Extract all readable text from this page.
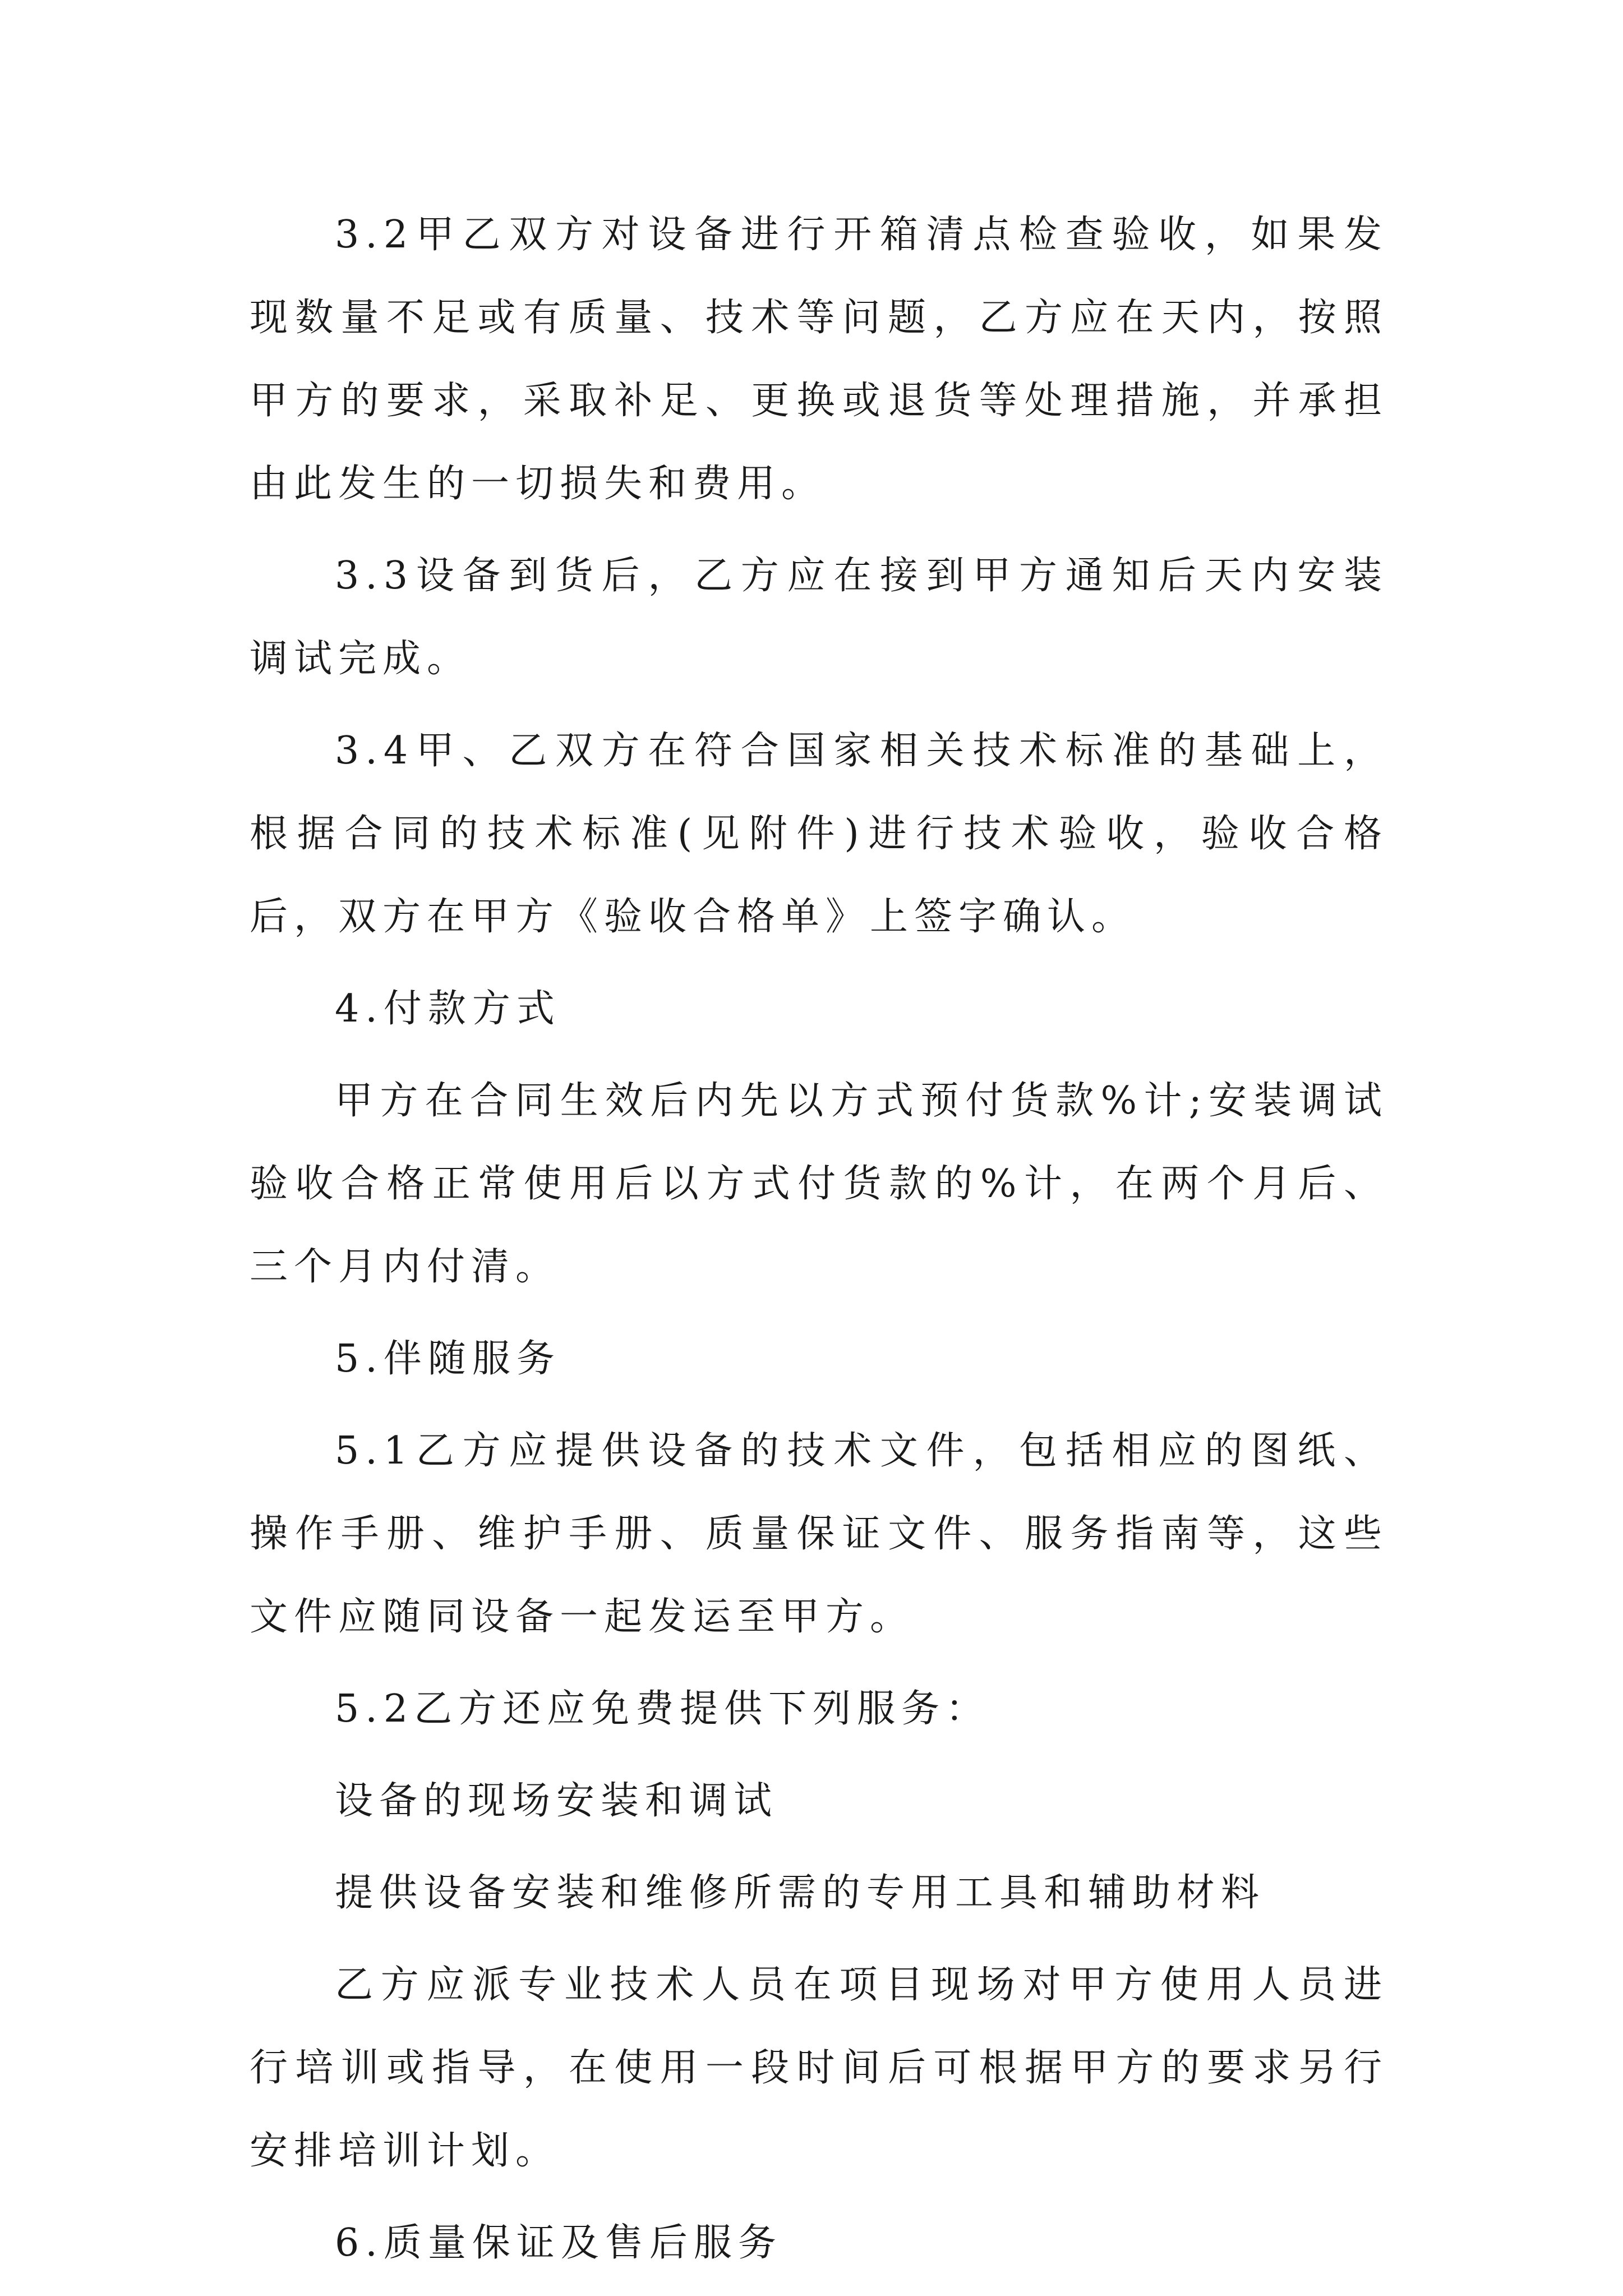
3.2甲乙双方对设备进行开箱清点检查验收，如果发现数量不足或有质量、技术等问题，乙方应在天内，按照甲方的要求，采取补足、更换或退货等处理措施，并承担由此发生的一切损失和费用。

3.3设备到货后，乙方应在接到甲方通知后天内安装调试完成。

3.4甲、乙双方在符合国家相关技术标准的基础上，根据合同的技术标准(见附件)进行技术验收，验收合格后，双方在甲方《验收合格单》上签字确认。

4.付款方式

甲方在合同生效后内先以方式预付货款%计;安装调试验收合格正常使用后以方式付货款的%计，在两个月后、三个月内付清。

5.伴随服务

5.1乙方应提供设备的技术文件，包括相应的图纸、操作手册、维护手册、质量保证文件、服务指南等，这些文件应随同设备一起发运至甲方。

5.2乙方还应免费提供下列服务：

设备的现场安装和调试

提供设备安装和维修所需的专用工具和辅助材料

乙方应派专业技术人员在项目现场对甲方使用人员进行培训或指导，在使用一段时间后可根据甲方的要求另行安排培训计划。

6.质量保证及售后服务
